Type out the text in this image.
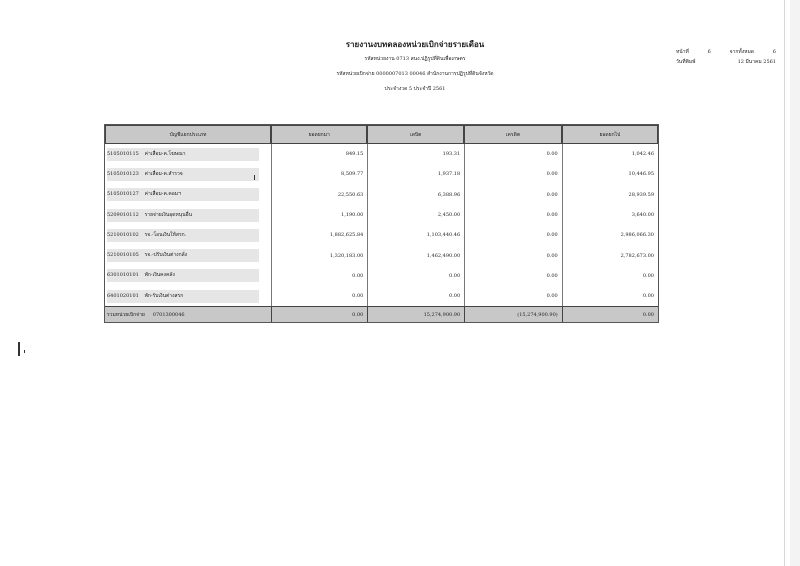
รายงานงบทดลองหน่วยเบิกจ่ายรายเดือน
รหัสหน่วยงาน 0713 สนง.ปฏิรูปที่ดินเพื่อเกษตร
รหัสหน่วยเบิกจ่าย 0000007013 00046 สำนักงานการปฏิรูปที่ดินจังหวัด
ประจำงวด 5 ประจำปี 2561
หน้าที่	6	จากทั้งหมด	6
วันที่พิมพ์	12 มีนาคม 2561
บัญชีแยกประเภท	ยอดยกมา	เดบิต	เครดิต	ยอดยกไป

5105010115 ค่าเสื่อม-ค.โฆษณา	849.15	193.31	0.00	1,042.46

5105010123 ค่าเสื่อม-ค.สำรวจ	8,509.77	1,937.18	0.00	10,446.95

5105010127 ค่าเสื่อม-ค.คอมฯ	22,550.63	6,388.96	0.00	28,939.59

5209010112 รายจ่ายเงินอุดหนุนอื่น	1,190.00	2,450.00	0.00	3,640.00

5210010102 รจ.-โอนเงินให้สรก.	1,882,625.84	1,103,440.46	0.00	2,986,066.30

5210010105 รจ.-ปรับเงินต่างกลั่ง	1,320,183.00	1,462,490.00	0.00	2,782,673.00

6301010101 พัก-เงินคงคลัง	0.00	0.00	0.00	0.00

6401020101 พัก-รับเงินต่างสรก	0.00	0.00	0.00	0.00
รวมหน่วยเบิกจ่าย 0701300046	0.00	15,274,900.90	(15,274,900.90)	0.00
